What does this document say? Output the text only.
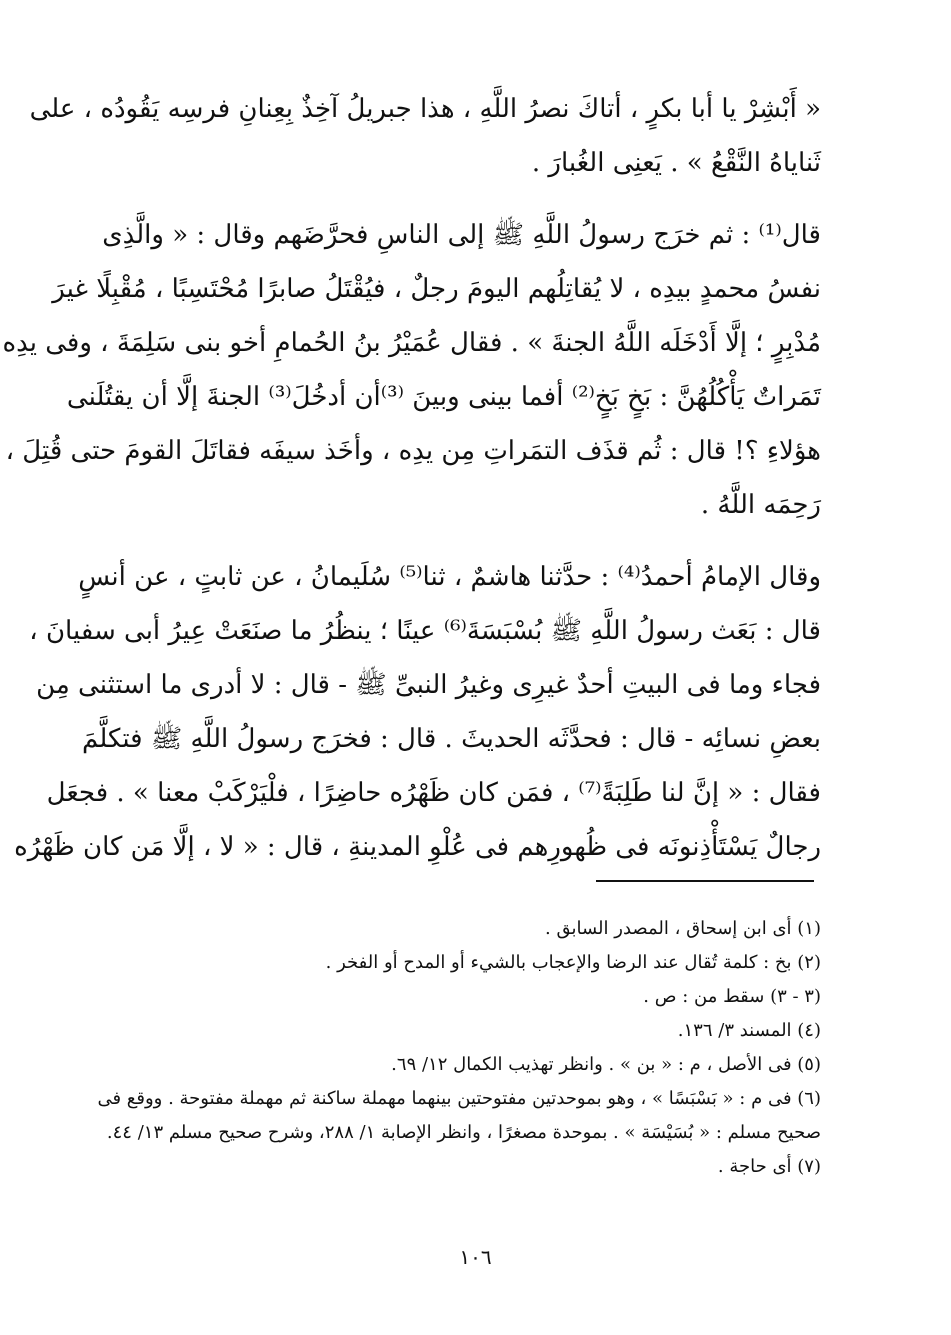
« أَبْشِرْ يا أبا بكرٍ ، أتاكَ نصرُ اللَّهِ ، هذا جبريلُ آخِذٌ بِعِنانِ فرسِه يَقُودُه ، على
ثَناياهُ النَّقْعُ » . يَعنِى الغُبارَ .
قال⁽¹⁾ : ثم خرَج رسولُ اللَّهِ ﷺ إلى الناسِ فحرَّضَهم وقال : « والَّذِى
نفسُ محمدٍ بيدِه ، لا يُقاتِلُهم اليومَ رجلٌ ، فيُقْتَلُ صابرًا مُحْتَسِبًا ، مُقْبِلًا غيرَ
مُدْبِرٍ ؛ إلَّا أَدْخَلَه اللَّهُ الجنةَ » . فقال عُمَيْرُ بنُ الحُمامِ أخو بنى سَلِمَةَ ، وفى يدِه
تَمَراتٌ يَأْكُلُهُنَّ : بَخٍ بَخٍ⁽²⁾ أفما بينى وبينَ ⁽³⁾أن أدخُلَ⁽³⁾ الجنةَ إلَّا أن يقتُلَنى
هؤلاءِ ؟! قال : ثُم قذَف التمَراتِ مِن يدِه ، وأخَذ سيفَه فقاتَلَ القومَ حتى قُتِلَ ،
رَحِمَه اللَّهُ .
وقال الإمامُ أحمدُ⁽⁴⁾ : حدَّثنا هاشمٌ ، ثنا⁽⁵⁾ سُلَيمانُ ، عن ثابتٍ ، عن أنسٍ
قال : بَعَث رسولُ اللَّهِ ﷺ بُسْبَسَةَ⁽⁶⁾ عينًا ؛ ينظُرُ ما صنَعَتْ عِيرُ أبى سفيانَ ،
فجاء وما فى البيتِ أحدٌ غيرِى وغيرُ النبىِّ ﷺ - قال : لا أدرى ما استثنى مِن
بعضِ نسائِه - قال : فحدَّثَه الحديثَ . قال : فخرَج رسولُ اللَّهِ ﷺ فتكلَّمَ
فقال : « إنَّ لنا طَلِبَةً⁽⁷⁾ ، فمَن كان ظَهْرُه حاضِرًا ، فلْيَرْكَبْ معنا » . فجعَل
رجالٌ يَسْتَأْذِنونَه فى ظُهورِهم فى عُلْوِ المدينةِ ، قال : « لا ، إلَّا مَن كان ظَهْرُه
(١) أى ابن إسحاق ، المصدر السابق .
(٢) بخ : كلمة تُقال عند الرضا والإعجاب بالشيء أو المدح أو الفخر .
(٣ - ٣) سقط من : ص .
(٤) المسند ٣/ ١٣٦.
(٥) فى الأصل ، م : « بن » . وانظر تهذيب الكمال ١٢/ ٦٩.
(٦) فى م : « بَسْبَسًا » ، وهو بموحدتين مفتوحتين بينهما مهملة ساكنة ثم مهملة مفتوحة . ووقع فى
صحيح مسلم : « بُسَيْسَة » . بموحدة مصغرًا ، وانظر الإصابة ١/ ٢٨٨، وشرح صحيح مسلم ١٣/ ٤٤.
(٧) أى حاجة .
١٠٦
